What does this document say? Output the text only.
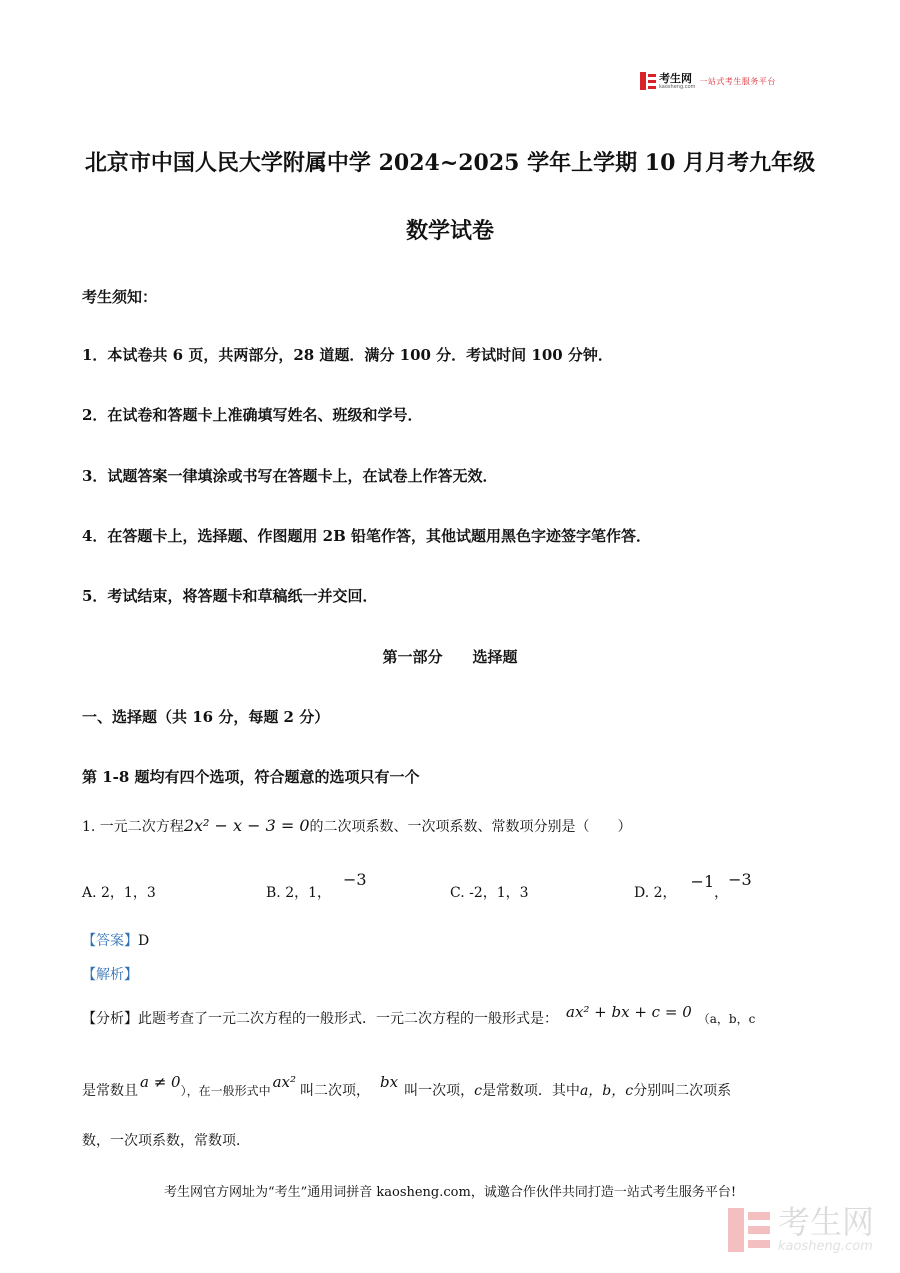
考生网
kaosheng.com
一站式考生服务平台
北京市中国人民大学附属中学 2024~2025 学年上学期 10 月月考九年级
数学试卷
考生须知：
1．本试卷共 6 页，共两部分，28 道题．满分 100 分．考试时间 100 分钟．
2．在试卷和答题卡上准确填写姓名、班级和学号．
3．试题答案一律填涂或书写在答题卡上，在试卷上作答无效．
4．在答题卡上，选择题、作图题用 2B 铅笔作答，其他试题用黑色字迹签字笔作答．
5．考试结束，将答题卡和草稿纸一并交回．
第一部分　　选择题
一、选择题（共 16 分，每题 2 分）
第 1-8 题均有四个选项，符合题意的选项只有一个
1. 一元二次方程2x² − x − 3 = 0的二次项系数、一次项系数、常数项分别是（　　）
A. 2，1，3	B. 2，1，−3
C. -2，1，3	D. 2，−1，−3
【答案】D
【解析】
【分析】此题考查了一元二次方程的一般形式．一元二次方程的一般形式是： ax² + bx + c = 0 （a，b，c
是常数且 a ≠ 0），在一般形式中 ax² 叫二次项， bx 叫一次项，c是常数项．其中a，b，c分别叫二次项系
数，一次项系数，常数项．
考生网官方网址为“考生”通用词拼音 kaosheng.com，诚邀合作伙伴共同打造一站式考生服务平台!
考生网
kaosheng.com
